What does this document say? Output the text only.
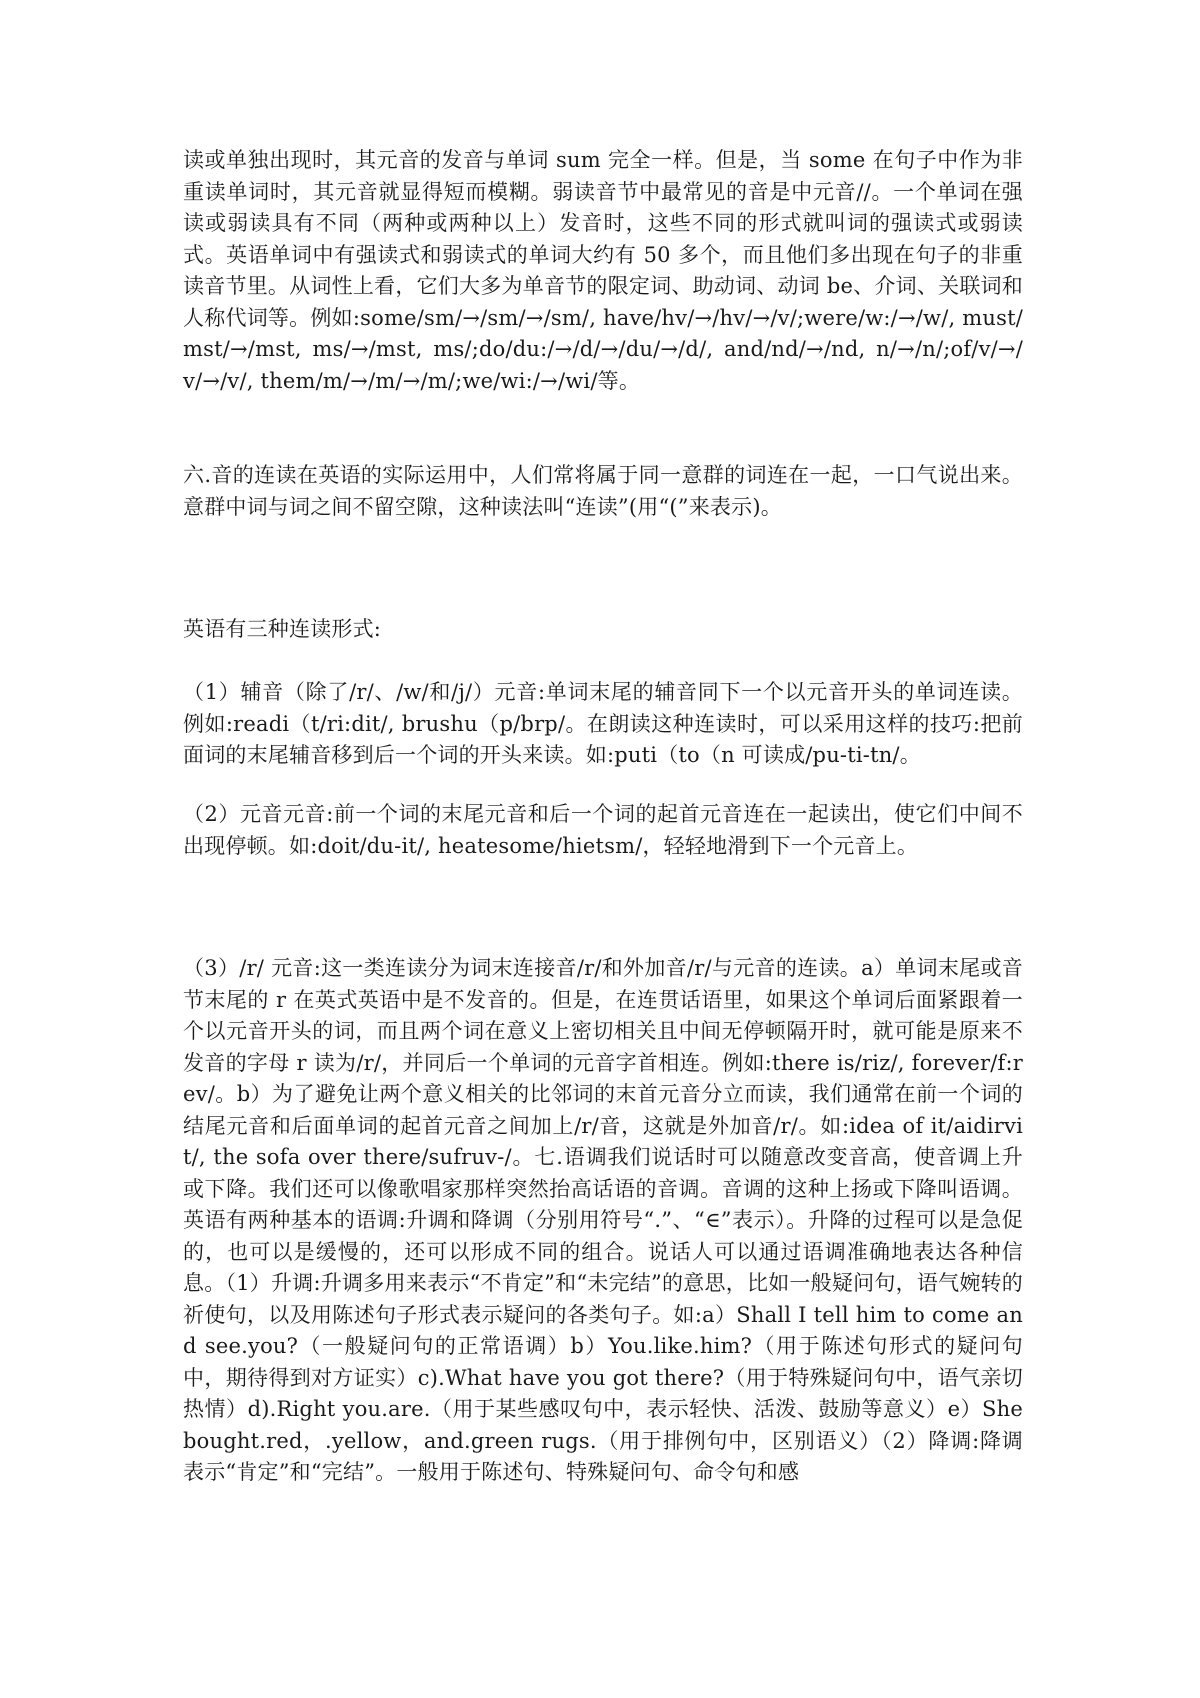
读或单独出现时，其元音的发音与单词 sum 完全一样。但是，当 some 在句子中作为非重读单词时，其元音就显得短而模糊。弱读音节中最常见的音是中元音//。一个单词在强读或弱读具有不同（两种或两种以上）发音时，这些不同的形式就叫词的强读式或弱读式。英语单词中有强读式和弱读式的单词大约有 50 多个，而且他们多出现在句子的非重读音节里。从词性上看，它们大多为单音节的限定词、助动词、动词 be、介词、关联词和人称代词等。例如:some/sm/→/sm/→/sm/, have/hv/→/hv/→/v/;were/w:/→/w/, must/mst/→/mst, ms/→/mst, ms/;do/du:/→/d/→/du/→/d/, and/nd/→/nd, n/→/n/;of/v/→/v/→/v/, them/m/→/m/→/m/;we/wi:/→/wi/等。

六.音的连读在英语的实际运用中，人们常将属于同一意群的词连在一起，一口气说出来。意群中词与词之间不留空隙，这种读法叫“连读”(用“(”来表示)。

英语有三种连读形式:

（1）辅音（除了/r/、/w/和/j/）元音:单词末尾的辅音同下一个以元音开头的单词连读。例如:readi（t/ri:dit/, brushu（p/brp/。在朗读这种连读时，可以采用这样的技巧:把前面词的末尾辅音移到后一个词的开头来读。如:puti（to（n 可读成/pu-ti-tn/。

（2）元音元音:前一个词的末尾元音和后一个词的起首元音连在一起读出，使它们中间不出现停顿。如:doit/du-it/, heatesome/hietsm/，轻轻地滑到下一个元音上。

（3）/r/ 元音:这一类连读分为词末连接音/r/和外加音/r/与元音的连读。a）单词末尾或音节末尾的 r 在英式英语中是不发音的。但是，在连贯话语里，如果这个单词后面紧跟着一个以元音开头的词，而且两个词在意义上密切相关且中间无停顿隔开时，就可能是原来不发音的字母 r 读为/r/，并同后一个单词的元音字首相连。例如:there is/riz/, forever/f:rev/。b）为了避免让两个意义相关的比邻词的末首元音分立而读，我们通常在前一个词的结尾元音和后面单词的起首元音之间加上/r/音，这就是外加音/r/。如:idea of it/aidirvit/, the sofa over there/sufruv-/。七.语调我们说话时可以随意改变音高，使音调上升或下降。我们还可以像歌唱家那样突然抬高话语的音调。音调的这种上扬或下降叫语调。英语有两种基本的语调:升调和降调（分别用符号“.”、“∈”表示）。升降的过程可以是急促的，也可以是缓慢的，还可以形成不同的组合。说话人可以通过语调准确地表达各种信息。（1）升调:升调多用来表示“不肯定”和“未完结”的意思，比如一般疑问句，语气婉转的祈使句，以及用陈述句子形式表示疑问的各类句子。如:a）Shall I tell him to come and see.you?（一般疑问句的正常语调）b）You.like.him?（用于陈述句形式的疑问句中，期待得到对方证实）c).What have you got there?（用于特殊疑问句中，语气亲切热情）d).Right you.are.（用于某些感叹句中，表示轻快、活泼、鼓励等意义）e）She bought.red，.yellow，and.green rugs.（用于排例句中，区别语义）（2）降调:降调表示“肯定”和“完结”。一般用于陈述句、特殊疑问句、命令句和感
